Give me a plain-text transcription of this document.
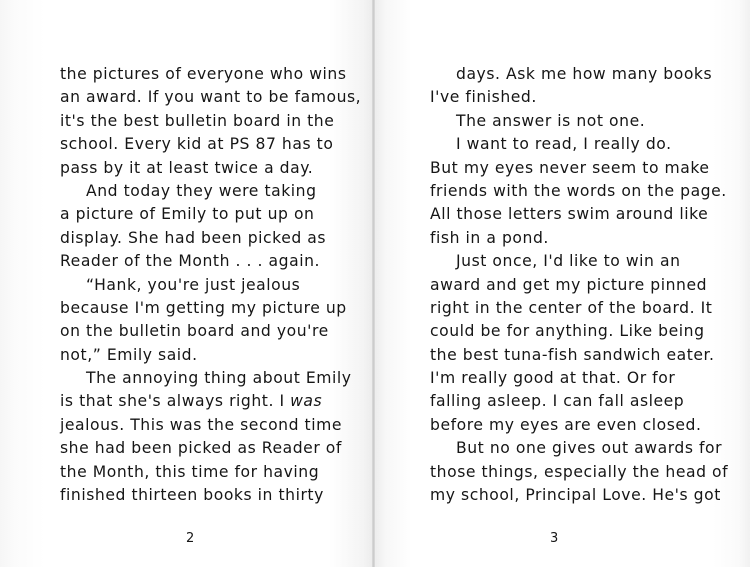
the pictures of everyone who wins
an award. If you want to be famous,
it's the best bulletin board in the
school. Every kid at PS 87 has to
pass by it at least twice a day.
And today they were taking
a picture of Emily to put up on
display. She had been picked as
Reader of the Month . . . again.
“Hank, you're just jealous
because I'm getting my picture up
on the bulletin board and you're
not,” Emily said.
The annoying thing about Emily
is that she's always right. I was
jealous. This was the second time
she had been picked as Reader of
the Month, this time for having
finished thirteen books in thirty
2
days. Ask me how many books
I've finished.
The answer is not one.
I want to read, I really do.
But my eyes never seem to make
friends with the words on the page.
All those letters swim around like
fish in a pond.
Just once, I'd like to win an
award and get my picture pinned
right in the center of the board. It
could be for anything. Like being
the best tuna-fish sandwich eater.
I'm really good at that. Or for
falling asleep. I can fall asleep
before my eyes are even closed.
But no one gives out awards for
those things, especially the head of
my school, Principal Love. He's got
3
